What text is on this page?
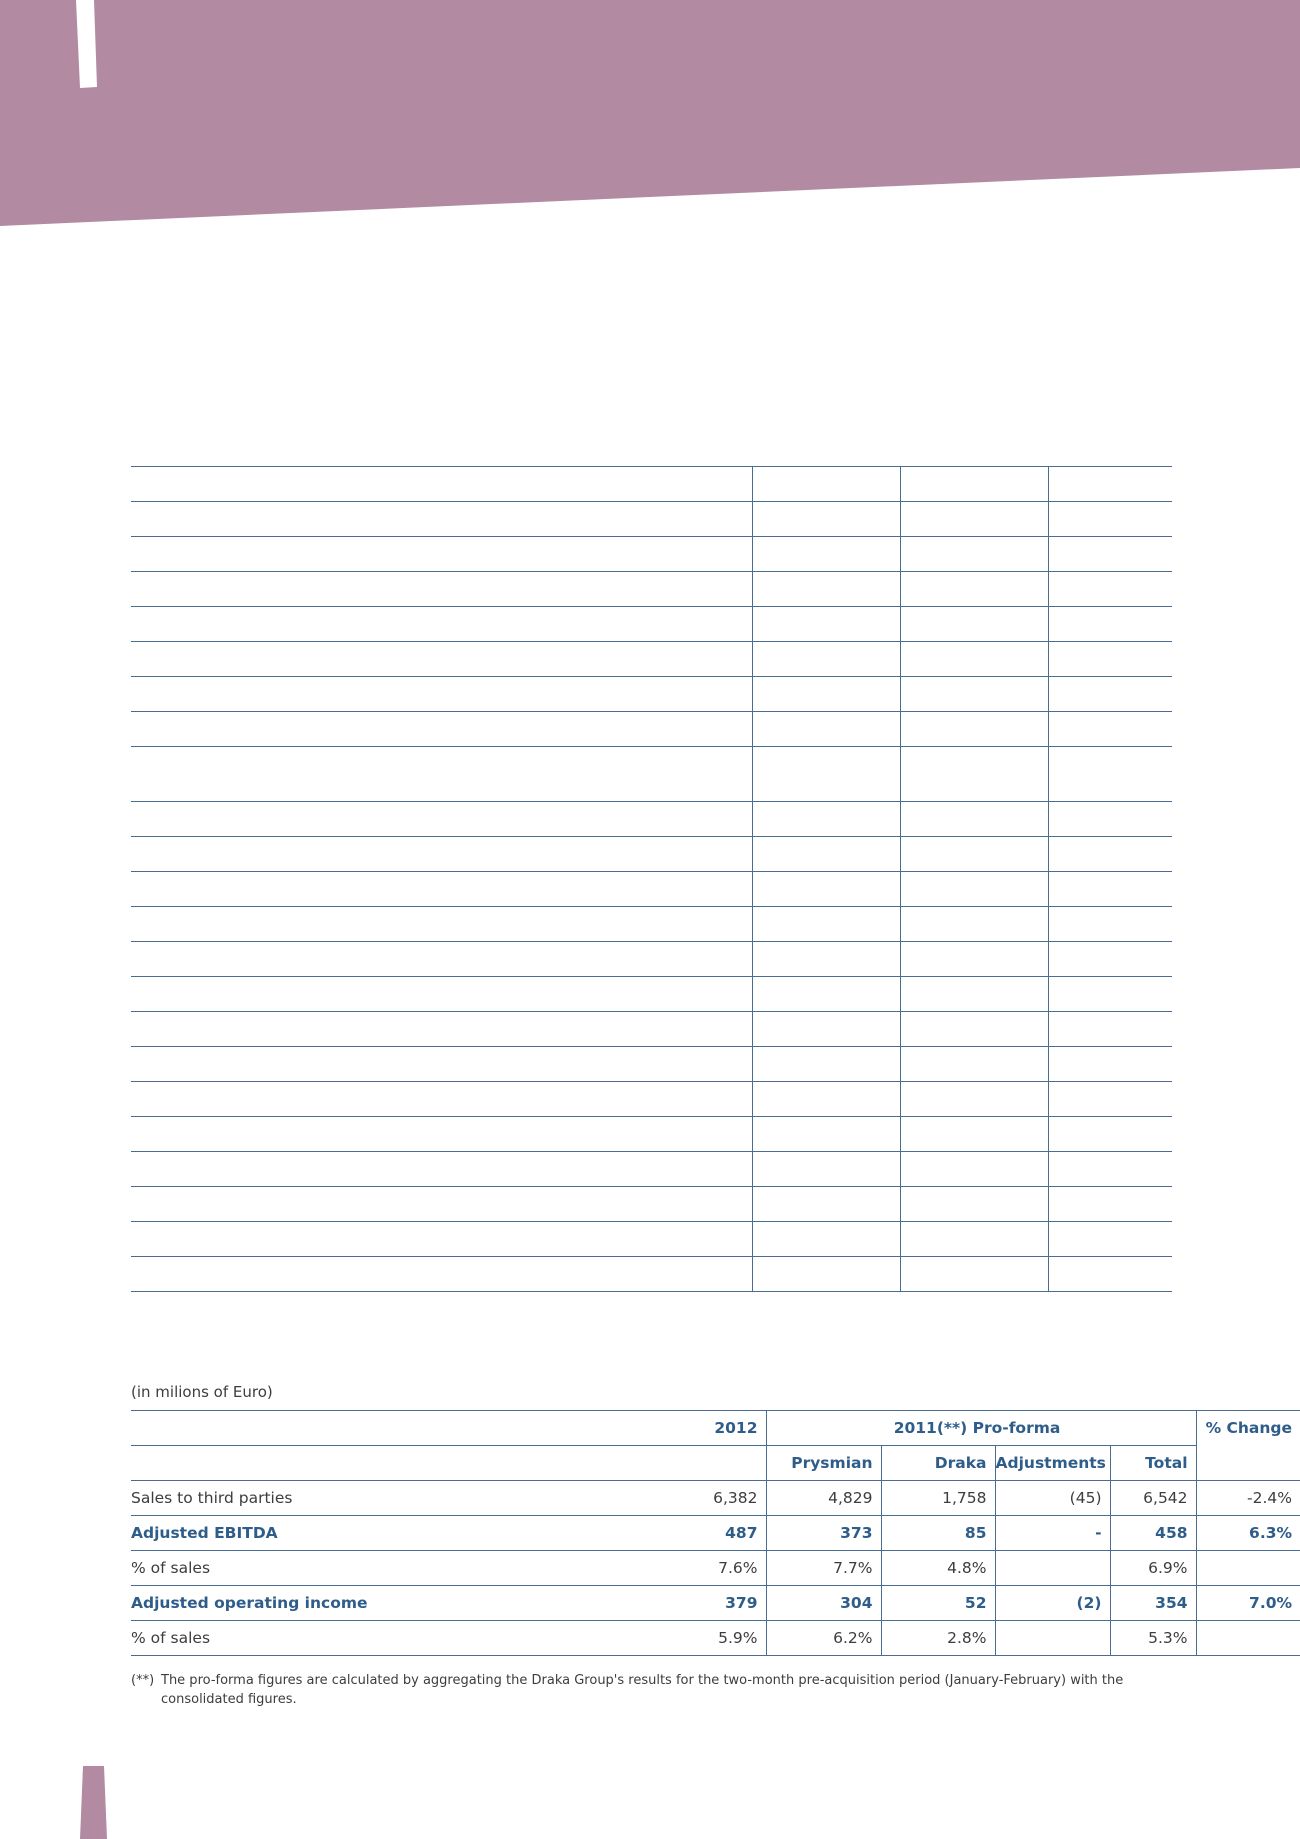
(in milions of Euro)
	2012	2011(**) Pro-forma				% Change
		Prysmian	Draka	Adjustments	Total	
Sales to third parties	6,382	4,829	1,758	(45)	6,542	-2.4%
Adjusted EBITDA	487	373	85	-	458	6.3%
% of sales	7.6%	7.7%	4.8%		6.9%	
Adjusted operating income	379	304	52	(2)	354	7.0%
% of sales	5.9%	6.2%	2.8%		5.3%	
(**) The pro-forma figures are calculated by aggregating the Draka Group's results for the two-month pre-acquisition period (January-February) with the consolidated figures.
